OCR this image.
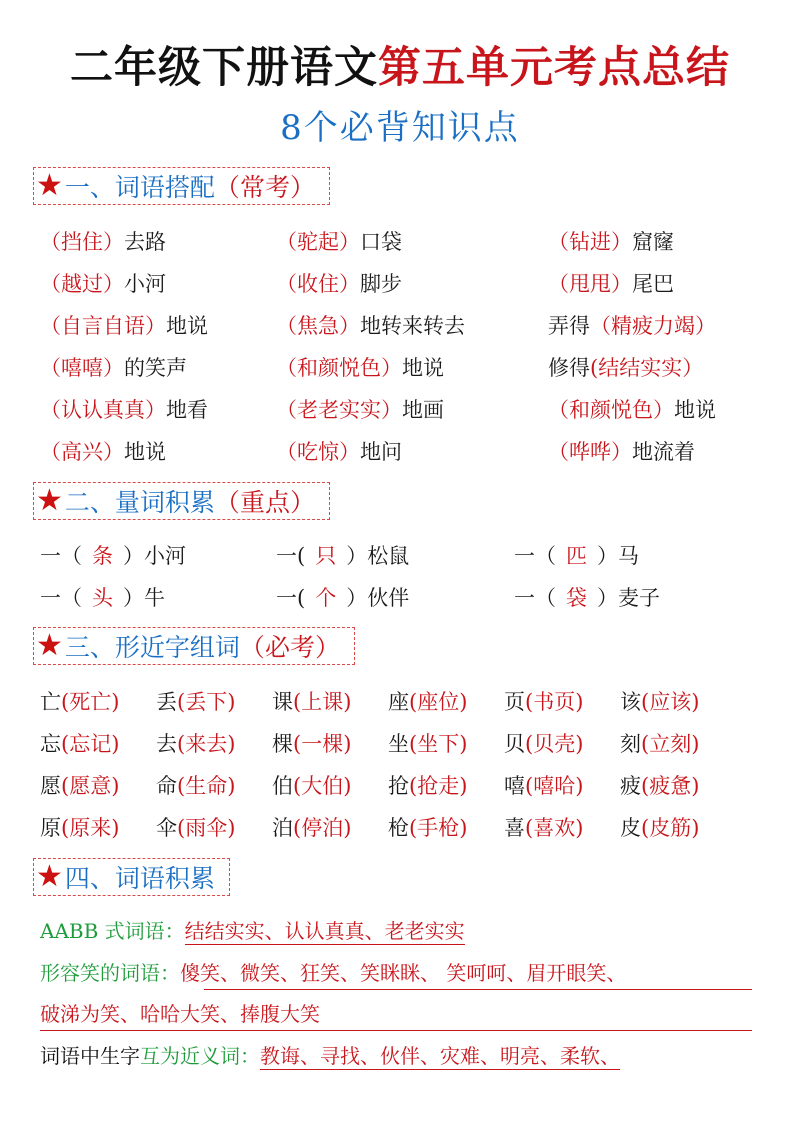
二年级下册语文第五单元考点总结
8个必背知识点
★ 一、词语搭配 （ 常考 ）
（挡住）去路	（驼起）口袋	（钻进）窟窿
（越过）小河	（收住）脚步	（甩甩）尾巴
（自言自语）地说	（焦急）地转来转去	弄得（精疲力竭）
（嘻嘻）的笑声	（和颜悦色）地说	修得(结结实实）
（认认真真）地看	（老老实实）地画	（和颜悦色）地说
（高兴）地说	（吃惊）地问	（哗哗）地流着
★ 二、量词积累 （ 重点 ）
一（ 条 ）小河	一( 只 ）松鼠	一（ 匹 ）马
一（ 头 ）牛	一( 个 ）伙伴	一（ 袋 ）麦子
★ 三、形近字组词 （ 必考 ）
亡(死亡) 丢(丢下) 课(上课) 座(座位) 页(书页) 该(应该)
忘(忘记) 去(来去) 棵(一棵) 坐(坐下) 贝(贝壳) 刻(立刻)
愿(愿意) 命(生命) 伯(大伯) 抢(抢走) 嘻(嘻哈) 疲(疲惫)
原(原来) 伞(雨伞) 泊(停泊) 枪(手枪) 喜(喜欢) 皮(皮筋)
★ 四、词语积累
AABB 式词语：结结实实、认认真真、老老实实
形容笑的词语：傻笑、微笑、狂笑、笑眯眯、 笑呵呵、眉开眼笑、
破涕为笑、哈哈大笑、捧腹大笑
词语中生字互为近义词：教诲、寻找、伙伴、灾难、明亮、柔软、
